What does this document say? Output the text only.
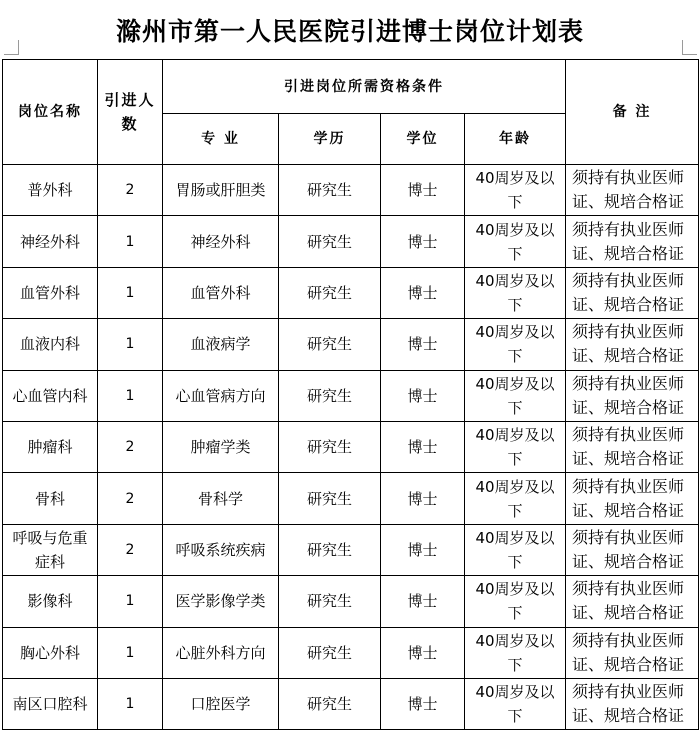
滁州市第一人民医院引进博士岗位计划表
岗位名称	引进人数	引进岗位所需资格条件				备 注
		专 业	学历	学位	年龄	
普外科	2	胃肠或肝胆类	研究生	博士	40周岁及以下	须持有执业医师证、规培合格证
神经外科	1	神经外科	研究生	博士	40周岁及以下	须持有执业医师证、规培合格证
血管外科	1	血管外科	研究生	博士	40周岁及以下	须持有执业医师证、规培合格证
血液内科	1	血液病学	研究生	博士	40周岁及以下	须持有执业医师证、规培合格证
心血管内科	1	心血管病方向	研究生	博士	40周岁及以下	须持有执业医师证、规培合格证
肿瘤科	2	肿瘤学类	研究生	博士	40周岁及以下	须持有执业医师证、规培合格证
骨科	2	骨科学	研究生	博士	40周岁及以下	须持有执业医师证、规培合格证
呼吸与危重症科	2	呼吸系统疾病	研究生	博士	40周岁及以下	须持有执业医师证、规培合格证
影像科	1	医学影像学类	研究生	博士	40周岁及以下	须持有执业医师证、规培合格证
胸心外科	1	心脏外科方向	研究生	博士	40周岁及以下	须持有执业医师证、规培合格证
南区口腔科	1	口腔医学	研究生	博士	40周岁及以下	须持有执业医师证、规培合格证
